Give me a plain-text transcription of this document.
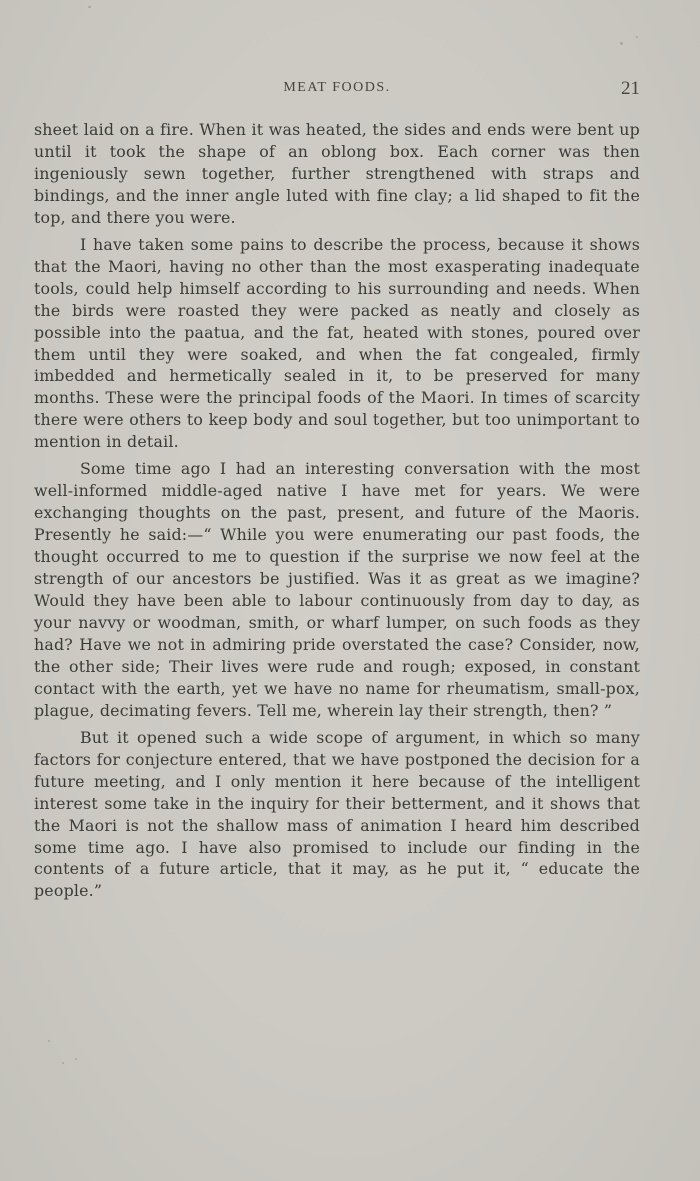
MEAT FOODS.	21

sheet laid on a fire. When it was heated, the sides and ends were bent up until it took the shape of an oblong box. Each corner was then ingeniously sewn together, further strengthened with straps and bindings, and the inner angle luted with fine clay; a lid shaped to fit the top, and there you were.

I have taken some pains to describe the process, because it shows that the Maori, having no other than the most exasperating inadequate tools, could help himself according to his surrounding and needs. When the birds were roasted they were packed as neatly and closely as possible into the paatua, and the fat, heated with stones, poured over them until they were soaked, and when the fat congealed, firmly imbedded and hermetically sealed in it, to be preserved for many months. These were the principal foods of the Maori. In times of scarcity there were others to keep body and soul together, but too unimportant to mention in detail.

Some time ago I had an interesting conversation with the most well-informed middle-aged native I have met for years. We were exchanging thoughts on the past, present, and future of the Maoris. Presently he said:—“ While you were enumerating our past foods, the thought occurred to me to question if the surprise we now feel at the strength of our ancestors be justified. Was it as great as we imagine? Would they have been able to labour continuously from day to day, as your navvy or woodman, smith, or wharf lumper, on such foods as they had? Have we not in admiring pride overstated the case? Consider, now, the other side; Their lives were rude and rough; exposed, in constant contact with the earth, yet we have no name for rheumatism, small-pox, plague, decimating fevers. Tell me, wherein lay their strength, then? ”

But it opened such a wide scope of argument, in which so many factors for conjecture entered, that we have postponed the decision for a future meeting, and I only mention it here because of the intelligent interest some take in the inquiry for their betterment, and it shows that the Maori is not the shallow mass of animation I heard him described some time ago. I have also promised to include our finding in the contents of a future article, that it may, as he put it, “ educate the people.”
